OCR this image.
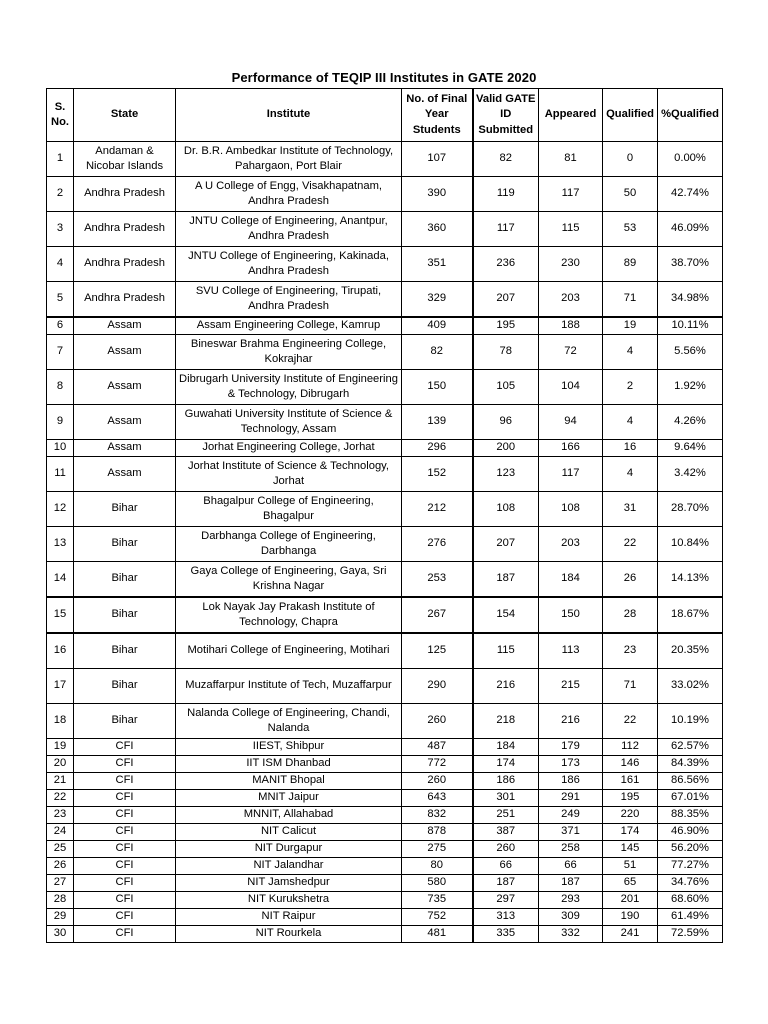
Performance of TEQIP III Institutes in GATE 2020
S. No.	State	Institute	No. of Final Year Students	Valid GATE ID Submitted	Appeared	Qualified	%Qualified
1	Andaman & Nicobar Islands	Dr. B.R. Ambedkar Institute of Technology, Pahargaon, Port Blair	107	82	81	0	0.00%
2	Andhra Pradesh	A U College of Engg, Visakhapatnam, Andhra Pradesh	390	119	117	50	42.74%
3	Andhra Pradesh	JNTU College of Engineering, Anantpur, Andhra Pradesh	360	117	115	53	46.09%
4	Andhra Pradesh	JNTU College of Engineering, Kakinada, Andhra Pradesh	351	236	230	89	38.70%
5	Andhra Pradesh	SVU College of Engineering, Tirupati, Andhra Pradesh	329	207	203	71	34.98%
6	Assam	Assam Engineering College, Kamrup	409	195	188	19	10.11%
7	Assam	Bineswar Brahma Engineering College, Kokrajhar	82	78	72	4	5.56%
8	Assam	Dibrugarh University Institute of Engineering & Technology, Dibrugarh	150	105	104	2	1.92%
9	Assam	Guwahati University Institute of Science & Technology, Assam	139	96	94	4	4.26%
10	Assam	Jorhat Engineering College, Jorhat	296	200	166	16	9.64%
11	Assam	Jorhat Institute of Science & Technology, Jorhat	152	123	117	4	3.42%
12	Bihar	Bhagalpur College of Engineering, Bhagalpur	212	108	108	31	28.70%
13	Bihar	Darbhanga College of Engineering, Darbhanga	276	207	203	22	10.84%
14	Bihar	Gaya College of Engineering, Gaya, Sri Krishna Nagar	253	187	184	26	14.13%
15	Bihar	Lok Nayak Jay Prakash Institute of Technology, Chapra	267	154	150	28	18.67%
16	Bihar	Motihari College of Engineering, Motihari	125	115	113	23	20.35%
17	Bihar	Muzaffarpur Institute of Tech, Muzaffarpur	290	216	215	71	33.02%
18	Bihar	Nalanda College of Engineering, Chandi, Nalanda	260	218	216	22	10.19%
19	CFI	IIEST, Shibpur	487	184	179	112	62.57%
20	CFI	IIT ISM Dhanbad	772	174	173	146	84.39%
21	CFI	MANIT Bhopal	260	186	186	161	86.56%
22	CFI	MNIT Jaipur	643	301	291	195	67.01%
23	CFI	MNNIT, Allahabad	832	251	249	220	88.35%
24	CFI	NIT Calicut	878	387	371	174	46.90%
25	CFI	NIT Durgapur	275	260	258	145	56.20%
26	CFI	NIT Jalandhar	80	66	66	51	77.27%
27	CFI	NIT Jamshedpur	580	187	187	65	34.76%
28	CFI	NIT Kurukshetra	735	297	293	201	68.60%
29	CFI	NIT Raipur	752	313	309	190	61.49%
30	CFI	NIT Rourkela	481	335	332	241	72.59%
